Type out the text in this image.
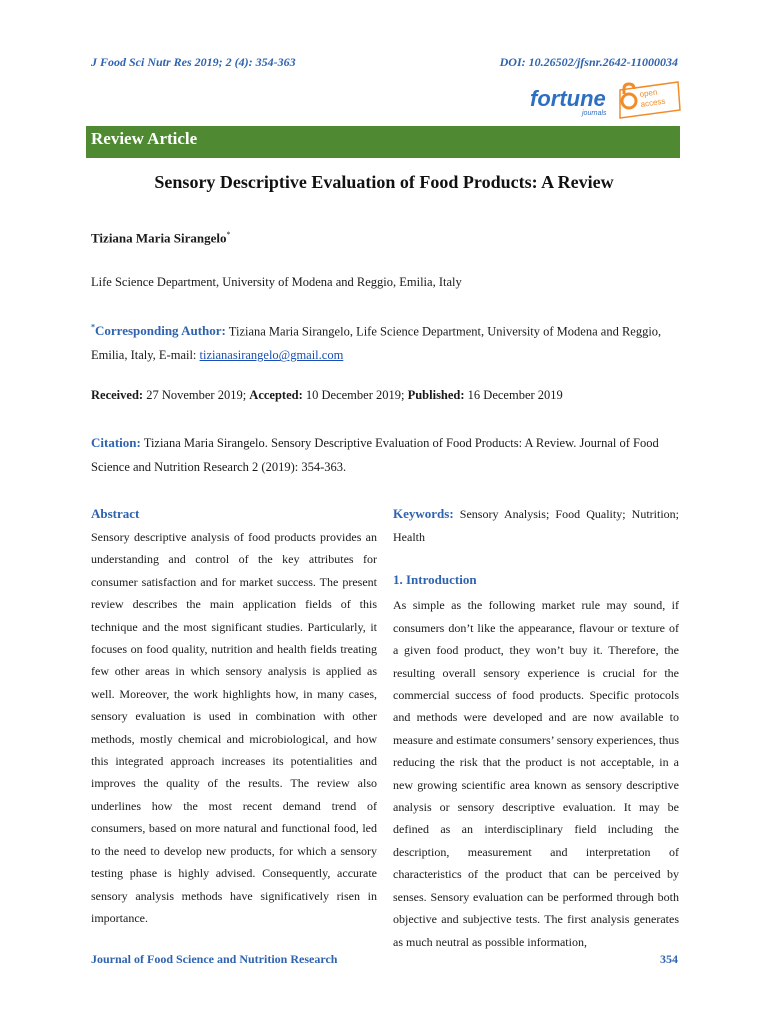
J Food Sci Nutr Res 2019; 2 (4): 354-363	DOI: 10.26502/jfsnr.2642-11000034
fortune
journals
open
access
Review Article
Sensory Descriptive Evaluation of Food Products: A Review
Tiziana Maria Sirangelo*
Life Science Department, University of Modena and Reggio, Emilia, Italy
*Corresponding Author: Tiziana Maria Sirangelo, Life Science Department, University of Modena and Reggio, Emilia, Italy, E-mail: tizianasirangelo@gmail.com
Received: 27 November 2019; Accepted: 10 December 2019; Published: 16 December 2019
Citation: Tiziana Maria Sirangelo. Sensory Descriptive Evaluation of Food Products: A Review. Journal of Food Science and Nutrition Research 2 (2019): 354-363.
Abstract

Sensory descriptive analysis of food products provides an understanding and control of the key attributes for consumer satisfaction and for market success. The present review describes the main application fields of this technique and the most significant studies. Particularly, it focuses on food quality, nutrition and health fields treating few other areas in which sensory analysis is applied as well. Moreover, the work highlights how, in many cases, sensory evaluation is used in combination with other methods, mostly chemical and microbiological, and how this integrated approach increases its potentialities and improves the quality of the results. The review also underlines how the most recent demand trend of consumers, based on more natural and functional food, led to the need to develop new products, for which a sensory testing phase is highly advised. Consequently, accurate sensory analysis methods have significatively risen in importance.

Keywords: Sensory Analysis; Food Quality; Nutrition; Health

1. Introduction

As simple as the following market rule may sound, if consumers don’t like the appearance, flavour or texture of a given food product, they won’t buy it. Therefore, the resulting overall sensory experience is crucial for the commercial success of food products. Specific protocols and methods were developed and are now available to measure and estimate consumers’ sensory experiences, thus reducing the risk that the product is not acceptable, in a new growing scientific area known as sensory descriptive analysis or sensory descriptive evaluation. It may be defined as an interdisciplinary field including the description, measurement and interpretation of characteristics of the product that can be perceived by senses. Sensory evaluation can be performed through both objective and subjective tests. The first analysis generates as much neutral as possible information,

Journal of Food Science and Nutrition Research	354
